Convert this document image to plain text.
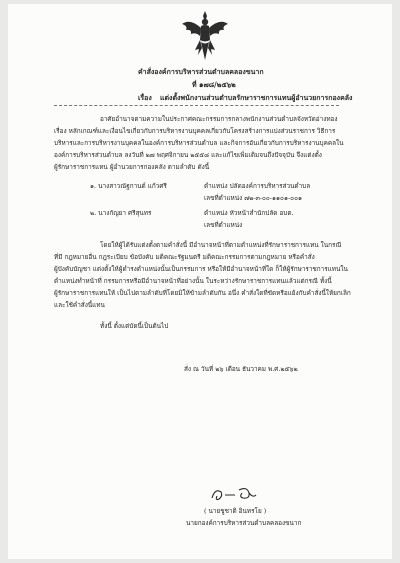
คำสั่งองค์การบริหารส่วนตำบลคลองขนาก
ที่ ๑๗๘/๒๕๖๒
เรื่อง แต่งตั้งพนักงานส่วนตำบลรักษาราชการแทนผู้อำนวยการกองคลัง
อาศัยอำนาจตามความในประกาศคณะกรรมการกลางพนักงานส่วนตำบลจังหวัดอ่างทอง
เรื่อง หลักเกณฑ์และเงื่อนไขเกี่ยวกับการบริหารงานบุคคลเกี่ยวกับโครงสร้างการแบ่งส่วนราชการ วิธีการ
บริหารและการบริหารงานบุคคลในองค์การบริหารส่วนตำบล และกิจการอันเกี่ยวกับการบริหารงานบุคคลใน
องค์การบริหารส่วนตำบล ลงวันที่ ๒๗ พฤศจิกายน ๒๕๕๘ และแก้ไขเพิ่มเติมจนถึงปัจจุบัน จึงแต่งตั้ง
ผู้รักษาราชการแทน ผู้อำนวยการกองคลัง ตามลำดับ ดังนี้
๑. นางสาวณัฐกานต์ แก้วศรี	ตำแหน่ง ปลัดองค์การบริหารส่วนตำบล
เลขที่ตำแหน่ง ๗๒-๓-๐๐-๑๑๐๑-๐๐๑
๒. นางกัญยา ศรีสุนทร	ตำแหน่ง หัวหน้าสำนักปลัด อบต.
เลขที่ตำแหน่ง
โดยให้ผู้ได้รับแต่งตั้งตามคำสั่งนี้ มีอำนาจหน้าที่ตามตำแหน่งที่รักษาราชการแทน ในกรณี
ที่มี กฎหมายอื่น กฎระเบียบ ข้อบังคับ มติคณะรัฐมนตรี มติคณะกรรมการตามกฎหมาย หรือคำสั่ง
ผู้บังคับบัญชา แต่งตั้งให้ผู้ดำรงตำแหน่งนั้นเป็นกรรมการ หรือให้มีอำนาจหน้าที่ใด ก็ให้ผู้รักษาราชการแทนใน
ตำแหน่งทำหน้าที่ กรรมการหรือมีอำนาจหน้าที่อย่างนั้น ในระหว่างรักษาราชการแทนแล้วแต่กรณี ทั้งนี้
ผู้รักษาราชการแทนให้ เป็นไปตามลำดับที่โดยมิให้ข้ามลำดับกัน อนึ่ง คำสั่งใดที่ขัดหรือแย้งกับคำสั่งนี้ให้ยกเลิก
และใช้คำสั่งนี้แทน
ทั้งนี้ ตั้งแต่บัดนี้เป็นต้นไป
สั่ง ณ วันที่ ๒๖ เดือน ธันวาคม พ.ศ.๒๕๖๒
( นายชูชาติ อินทรโย )
นายกองค์การบริหารส่วนตำบลคลองขนาก
